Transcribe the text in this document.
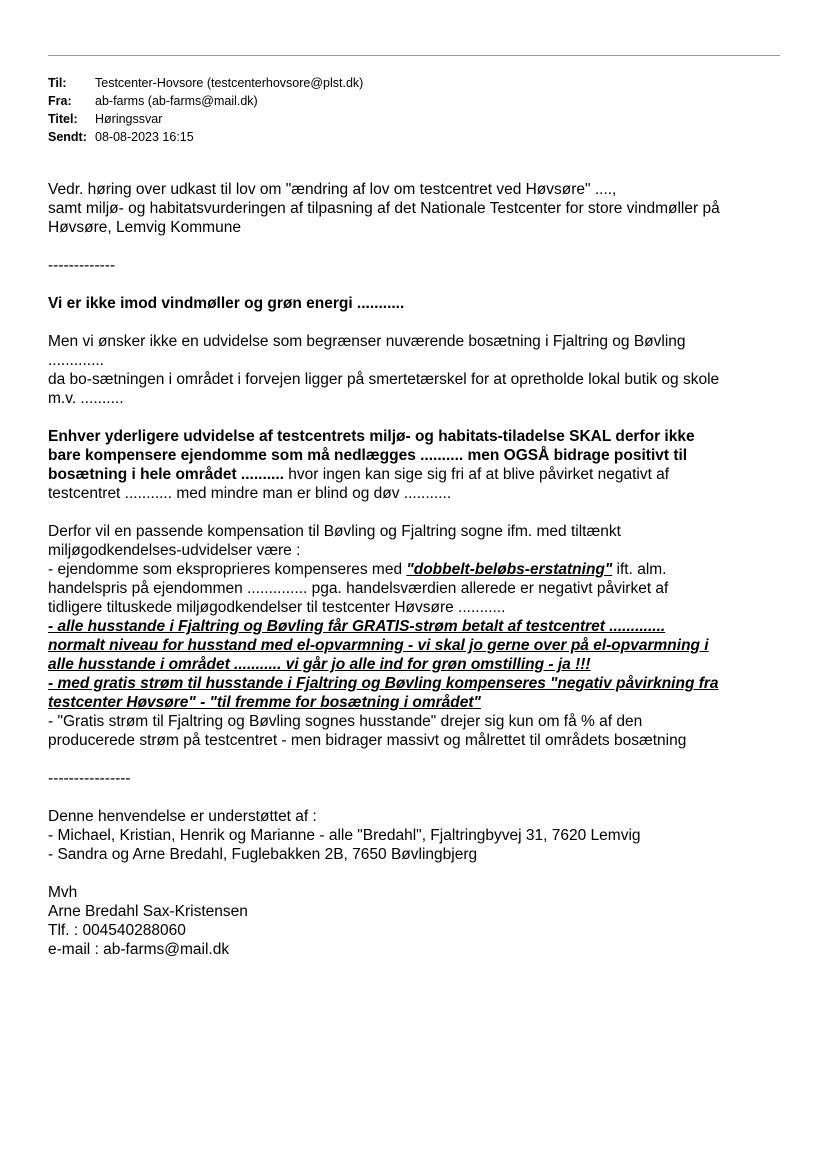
Til:	Testcenter-Hovsore (testcenterhovsore@plst.dk)
Fra:	ab-farms (ab-farms@mail.dk)
Titel:	Høringssvar
Sendt: 08-08-2023 16:15

Vedr. høring over udkast til lov om "ændring af lov om testcentret ved Høvsøre" ....,

samt miljø- og habitatsvurderingen af tilpasning af det Nationale Testcenter for store vindmøller på

Høvsøre, Lemvig Kommune

-------------

Vi er ikke imod vindmøller og grøn energi ...........

Men vi ønsker ikke en udvidelse som begrænser nuværende bosætning i Fjaltring og Bøvling

.............

da bo-sætningen i området i forvejen ligger på smertetærskel for at opretholde lokal butik og skole

m.v. ..........

Enhver yderligere udvidelse af testcentrets miljø- og habitats-tiladelse SKAL derfor ikke

bare kompensere ejendomme som må nedlægges .......... men OGSÅ bidrage positivt til

bosætning i hele området .......... hvor ingen kan sige sig fri af at blive påvirket negativt af

testcentret ........... med mindre man er blind og døv ...........

Derfor vil en passende kompensation til Bøvling og Fjaltring sogne ifm. med tiltænkt

miljøgodkendelses-udvidelser være :

- ejendomme som eksproprieres kompenseres med "dobbelt-beløbs-erstatning" ift. alm.

handelspris på ejendommen .............. pga. handelsværdien allerede er negativt påvirket af

tidligere tiltuskede miljøgodkendelser til testcenter Høvsøre ...........

- alle husstande i Fjaltring og Bøvling får GRATIS-strøm betalt af testcentret .............

normalt niveau for husstand med el-opvarmning - vi skal jo gerne over på el-opvarmning i

alle husstande i området ........... vi går jo alle ind for grøn omstilling - ja !!!

- med gratis strøm til husstande i Fjaltring og Bøvling kompenseres "negativ påvirkning fra

testcenter Høvsøre" - "til fremme for bosætning i området"

- "Gratis strøm til Fjaltring og Bøvling sognes husstande" drejer sig kun om få % af den

producerede strøm på testcentret - men bidrager massivt og målrettet til områdets bosætning

----------------

Denne henvendelse er understøttet af :

- Michael, Kristian, Henrik og Marianne - alle "Bredahl", Fjaltringbyvej 31, 7620 Lemvig

- Sandra og Arne Bredahl, Fuglebakken 2B, 7650 Bøvlingbjerg

Mvh

Arne Bredahl Sax-Kristensen

Tlf. : 004540288060

e-mail : ab-farms@mail.dk
